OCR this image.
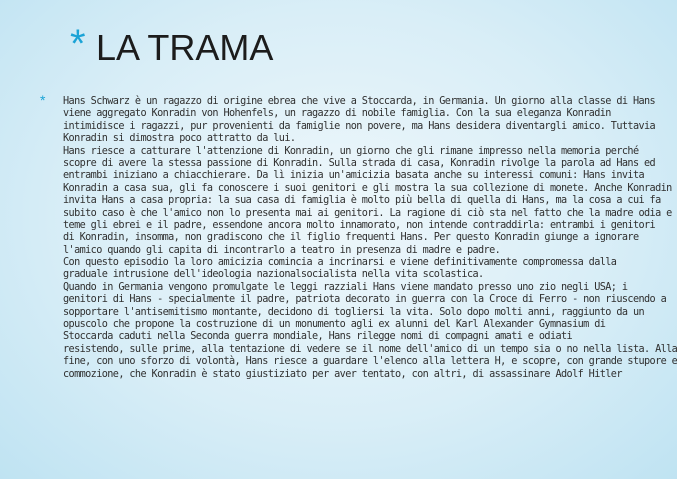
* LA TRAMA
* Hans Schwarz è un ragazzo di origine ebrea che vive a Stoccarda, in Germania. Un giorno alla classe di Hans
viene aggregato Konradin von Hohenfels, un ragazzo di nobile famiglia. Con la sua eleganza Konradin
intimidisce i ragazzi, pur provenienti da famiglie non povere, ma Hans desidera diventargli amico. Tuttavia
Konradin si dimostra poco attratto da lui.
Hans riesce a catturare l'attenzione di Konradin, un giorno che gli rimane impresso nella memoria perché
scopre di avere la stessa passione di Konradin. Sulla strada di casa, Konradin rivolge la parola ad Hans ed
entrambi iniziano a chiacchierare. Da lì inizia un'amicizia basata anche su interessi comuni: Hans invita
Konradin a casa sua, gli fa conoscere i suoi genitori e gli mostra la sua collezione di monete. Anche Konradin
invita Hans a casa propria: la sua casa di famiglia è molto più bella di quella di Hans, ma la cosa a cui fa
subito caso è che l'amico non lo presenta mai ai genitori. La ragione di ciò sta nel fatto che la madre odia e
teme gli ebrei e il padre, essendone ancora molto innamorato, non intende contraddirla: entrambi i genitori
di Konradin, insomma, non gradiscono che il figlio frequenti Hans. Per questo Konradin giunge a ignorare
l'amico quando gli capita di incontrarlo a teatro in presenza di madre e padre.
Con questo episodio la loro amicizia comincia a incrinarsi e viene definitivamente compromessa dalla
graduale intrusione dell'ideologia nazionalsocialista nella vita scolastica.
Quando in Germania vengono promulgate le leggi razziali Hans viene mandato presso uno zio negli USA; i
genitori di Hans - specialmente il padre, patriota decorato in guerra con la Croce di Ferro - non riuscendo a
sopportare l'antisemitismo montante, decidono di togliersi la vita. Solo dopo molti anni, raggiunto da un
opuscolo che propone la costruzione di un monumento agli ex alunni del Karl Alexander Gymnasium di
Stoccarda caduti nella Seconda guerra mondiale, Hans rilegge nomi di compagni amati e odiati
resistendo, sulle prime, alla tentazione di vedere se il nome dell'amico di un tempo sia o no nella lista. Alla
fine, con uno sforzo di volontà, Hans riesce a guardare l'elenco alla lettera H, e scopre, con grande stupore e
commozione, che Konradin è stato giustiziato per aver tentato, con altri, di assassinare Adolf Hitler
